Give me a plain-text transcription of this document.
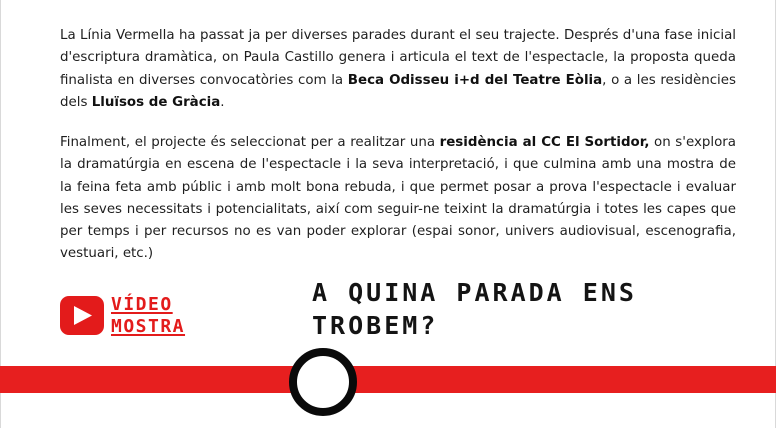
La Línia Vermella ha passat ja per diverses parades durant el seu trajecte. Després d'una fase inicial d'escriptura dramàtica, on Paula Castillo genera i articula el text de l'espectacle, la proposta queda finalista en diverses convocatòries com la Beca Odisseu i+d del Teatre Eòlia, o a les residències dels Lluïsos de Gràcia.

Finalment, el projecte és seleccionat per a realitzar una residència al CC El Sortidor, on s'explora la dramatúrgia en escena de l'espectacle i la seva interpretació, i que culmina amb una mostra de la feina feta amb públic i amb molt bona rebuda, i que permet posar a prova l'espectacle i evaluar les seves necessitats i potencialitats, així com seguir-ne teixint la dramatúrgia i totes les capes que per temps i per recursos no es van poder explorar (espai sonor, univers audiovisual, escenografia, vestuari, etc.)

VÍDEO
MOSTRA
A QUINA PARADA ENS
TROBEM?
